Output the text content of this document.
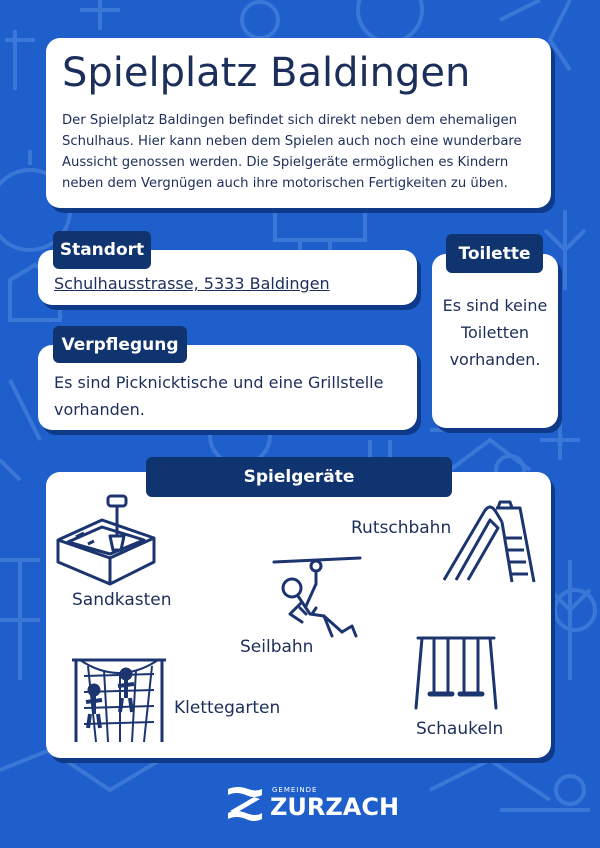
Spielplatz Baldingen

Der Spielplatz Baldingen befindet sich direkt neben dem ehemaligen Schulhaus. Hier kann neben dem Spielen auch noch eine wunderbare Aussicht genossen werden. Die Spielgeräte ermöglichen es Kindern neben dem Vergnügen auch ihre motorischen Fertigkeiten zu üben.

Schulhausstrasse, 5333 Baldingen
Standort

Es sind Picknicktische und eine Grillstelle vorhanden.

Verpflegung

Es sind keine Toiletten vorhanden.

Toilette
Sandkasten
Rutschbahn
Seilbahn
Klettegarten
Schaukeln
Spielgeräte
GEMEINDE
ZURZACH
